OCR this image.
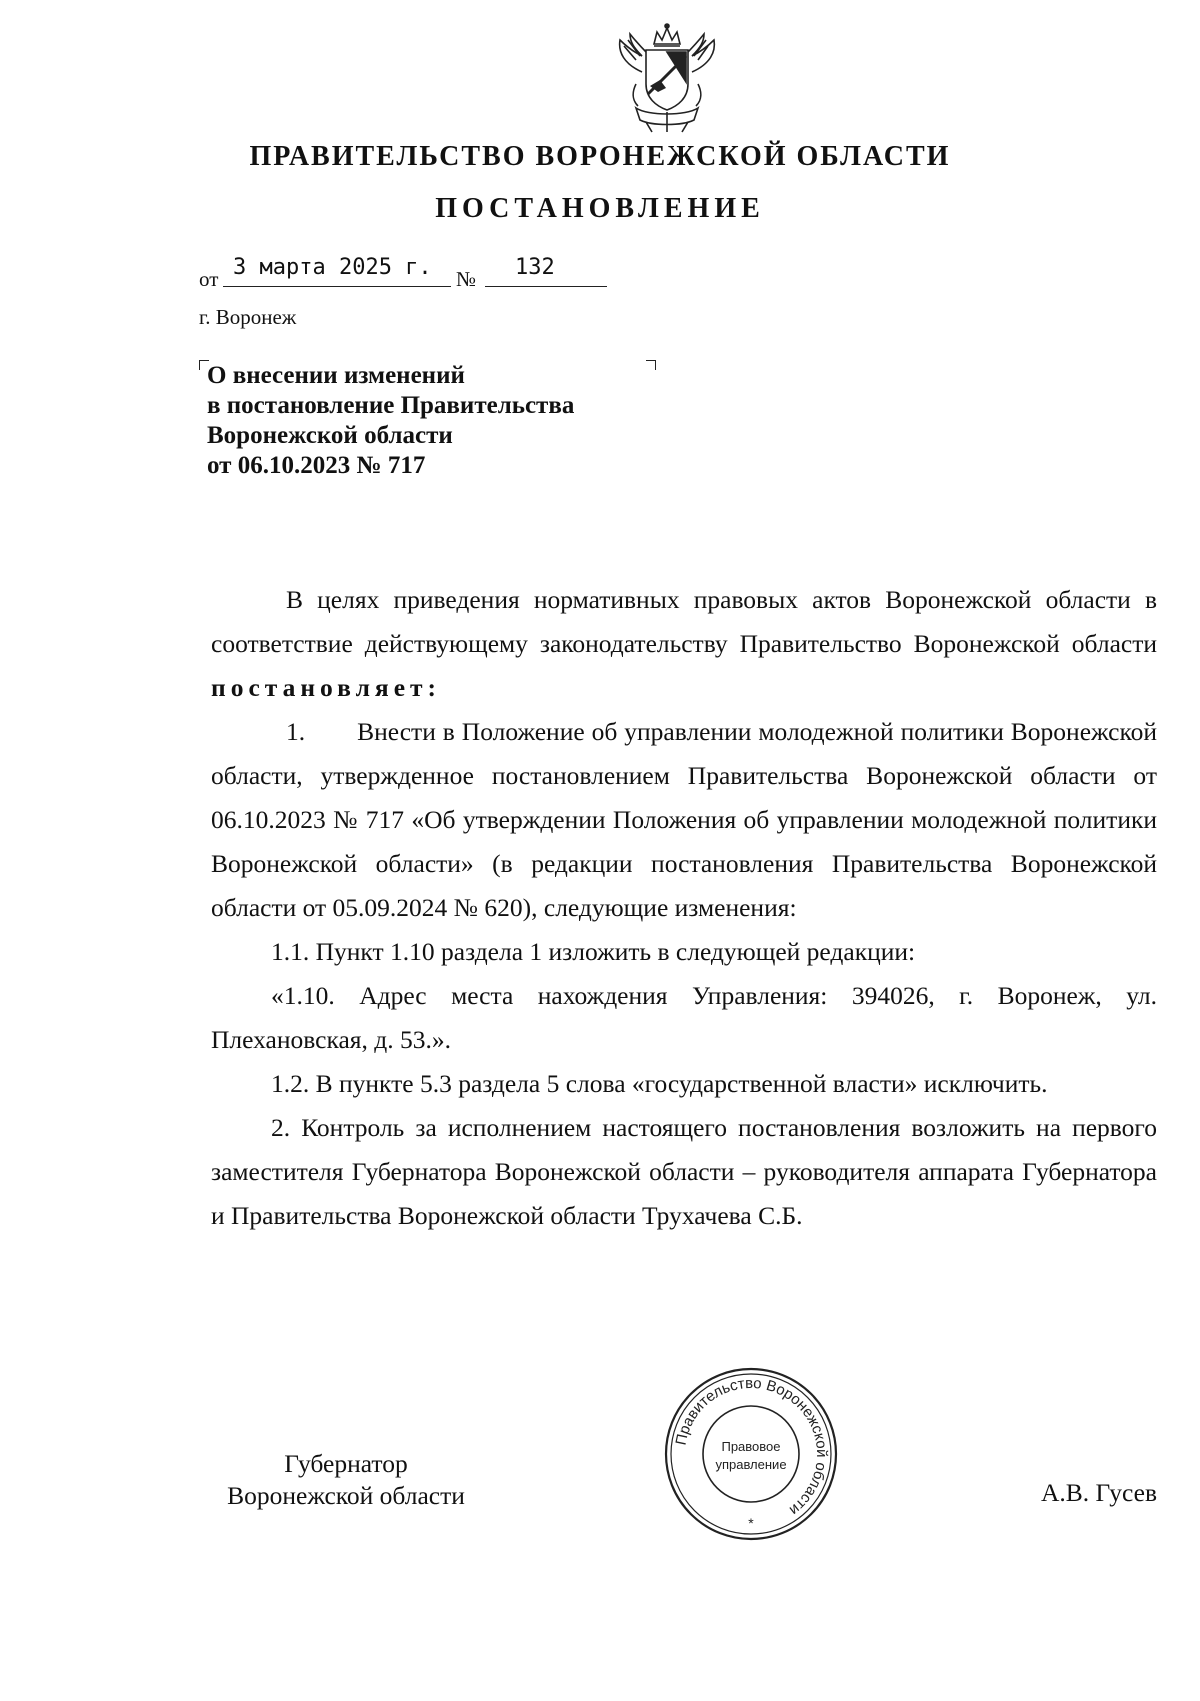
ПРАВИТЕЛЬСТВО ВОРОНЕЖСКОЙ ОБЛАСТИ
ПОСТАНОВЛЕНИЕ
от 3 марта 2025 г. № 132
г. Воронеж
О внесении изменений
в постановление Правительства
Воронежской области
от 06.10.2023 № 717

В целях приведения нормативных правовых актов Воронежской области в соответствие действующему законодательству Правительство Воронежской области постановляет:

1. Внести в Положение об управлении молодежной политики Воронежской области, утвержденное постановлением Правительства Воронежской области от 06.10.2023 № 717 «Об утверждении Положения об управлении молодежной политики Воронежской области» (в редакции постановления Правительства Воронежской области от 05.09.2024 № 620), следующие изменения:

1.1. Пункт 1.10 раздела 1 изложить в следующей редакции:

«1.10. Адрес места нахождения Управления: 394026, г. Воронеж, ул. Плехановская, д. 53.».

1.2. В пункте 5.3 раздела 5 слова «государственной власти» исключить.

2. Контроль за исполнением настоящего постановления возложить на первого заместителя Губернатора Воронежской области – руководителя аппарата Губернатора и Правительства Воронежской области Трухачева С.Б.

Губернатор
Воронежской области	А.В. Гусев
Правительство Воронежской области
Правовое
управление
*
